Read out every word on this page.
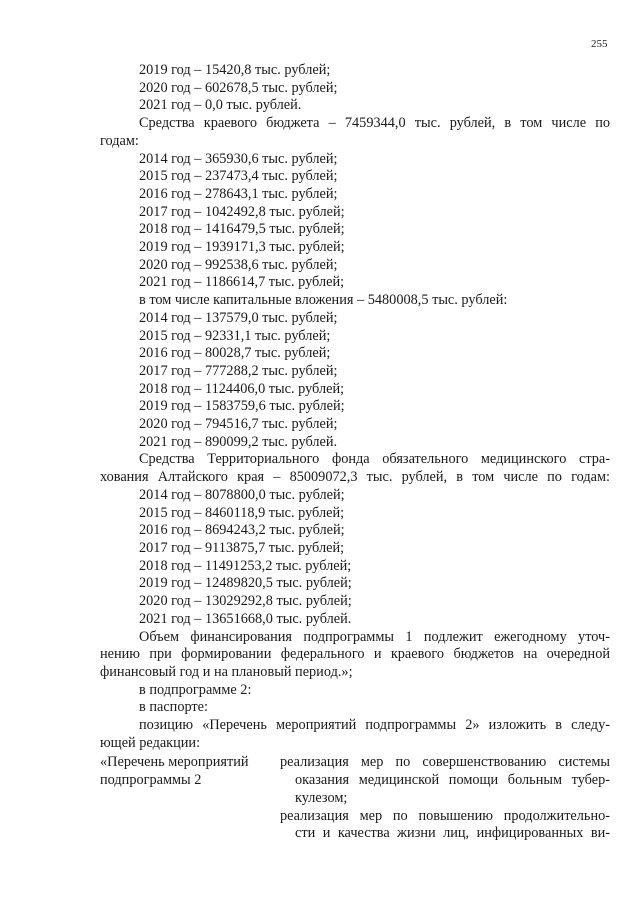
255
2019 год – 15420,8 тыс. рублей;
2020 год – 602678,5 тыс. рублей;
2021 год – 0,0 тыс. рублей.
Средства краевого бюджета – 7459344,0 тыс. рублей, в том числе по
годам:
2014 год – 365930,6 тыс. рублей;
2015 год – 237473,4 тыс. рублей;
2016 год – 278643,1 тыс. рублей;
2017 год – 1042492,8 тыс. рублей;
2018 год – 1416479,5 тыс. рублей;
2019 год – 1939171,3 тыс. рублей;
2020 год – 992538,6 тыс. рублей;
2021 год – 1186614,7 тыс. рублей;
в том числе капитальные вложения – 5480008,5 тыс. рублей:
2014 год – 137579,0 тыс. рублей;
2015 год – 92331,1 тыс. рублей;
2016 год – 80028,7 тыс. рублей;
2017 год – 777288,2 тыс. рублей;
2018 год – 1124406,0 тыс. рублей;
2019 год – 1583759,6 тыс. рублей;
2020 год – 794516,7 тыс. рублей;
2021 год – 890099,2 тыс. рублей.
Средства Территориального фонда обязательного медицинского стра-
хования Алтайского края – 85009072,3 тыс. рублей, в том числе по годам:
2014 год – 8078800,0 тыс. рублей;
2015 год – 8460118,9 тыс. рублей;
2016 год – 8694243,2 тыс. рублей;
2017 год – 9113875,7 тыс. рублей;
2018 год – 11491253,2 тыс. рублей;
2019 год – 12489820,5 тыс. рублей;
2020 год – 13029292,8 тыс. рублей;
2021 год – 13651668,0 тыс. рублей.
Объем финансирования подпрограммы 1 подлежит ежегодному уточ-
нению при формировании федерального и краевого бюджетов на очередной
финансовый год и на плановый период.»;
в подпрограмме 2:
в паспорте:
позицию «Перечень мероприятий подпрограммы 2» изложить в следу-
ющей редакции:
«Перечень мероприятий
подпрограммы 2
реализация мер по совершенствованию системы
оказания медицинской помощи больным тубер-
кулезом;
реализация мер по повышению продолжительно-
сти и качества жизни лиц, инфицированных ви-
